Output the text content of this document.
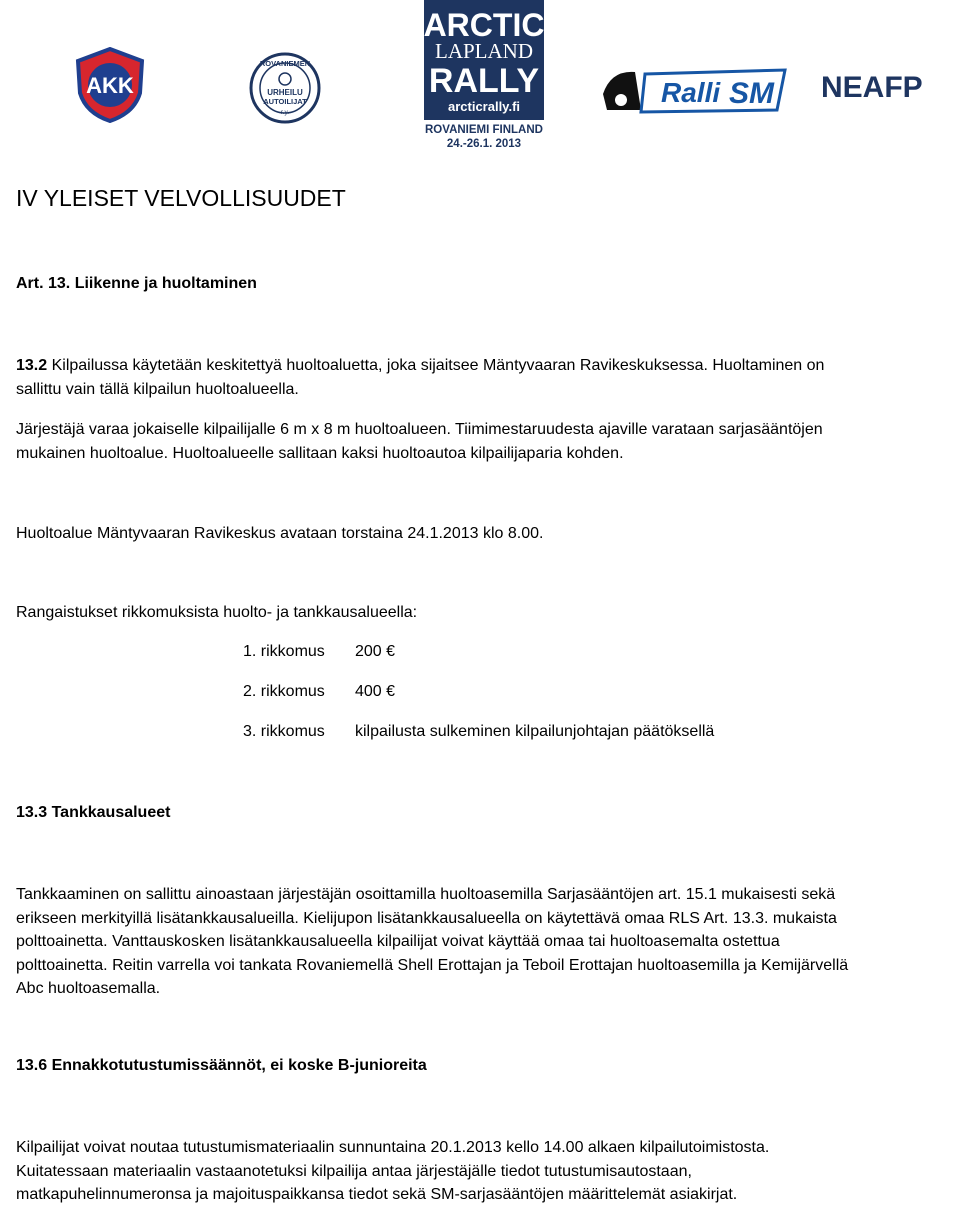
AKK
ROVANIEMEN
URHEILU
AUTOILIJAT
r.y.
ARCTIC
LAPLAND
RALLY
arcticrally.fi
ROVANIEMI FINLAND
24.-26.1. 2013
Ralli SM NEAFP
IV YLEISET VELVOLLISUUDET
Art. 13. Liikenne ja huoltaminen
13.2 Kilpailussa käytetään keskitettyä huoltoaluetta, joka sijaitsee Mäntyvaaran Ravikeskuksessa. Huoltaminen on
sallittu vain tällä kilpailun huoltoalueella.
Järjestäjä varaa jokaiselle kilpailijalle 6 m x 8 m huoltoalueen. Tiimimestaruudesta ajaville varataan sarjasääntöjen
mukainen huoltoalue. Huoltoalueelle sallitaan kaksi huoltoautoa kilpailijaparia kohden.
Huoltoalue Mäntyvaaran Ravikeskus avataan torstaina 24.1.2013 klo 8.00.
Rangaistukset rikkomuksista huolto- ja tankkausalueella:
1. rikkomus 200 €
2. rikkomus 400 €
3. rikkomus kilpailusta sulkeminen kilpailunjohtajan päätöksellä
13.3 Tankkausalueet
Tankkaaminen on sallittu ainoastaan järjestäjän osoittamilla huoltoasemilla Sarjasääntöjen art. 15.1 mukaisesti sekä
erikseen merkityillä lisätankkausalueilla. Kielijupon lisätankkausalueella on käytettävä omaa RLS Art. 13.3. mukaista
polttoainetta. Vanttauskosken lisätankkausalueella kilpailijat voivat käyttää omaa tai huoltoasemalta ostettua
polttoainetta. Reitin varrella voi tankata Rovaniemellä Shell Erottajan ja Teboil Erottajan huoltoasemilla ja Kemijärvellä
Abc huoltoasemalla.
13.6 Ennakkotutustumissäännöt, ei koske B-junioreita
Kilpailijat voivat noutaa tutustumismateriaalin sunnuntaina 20.1.2013 kello 14.00 alkaen kilpailutoimistosta.
Kuitatessaan materiaalin vastaanotetuksi kilpailija antaa järjestäjälle tiedot tutustumisautostaan,
matkapuhelinnumeronsa ja majoituspaikkansa tiedot sekä SM-sarjasääntöjen määrittelemät asiakirjat.
